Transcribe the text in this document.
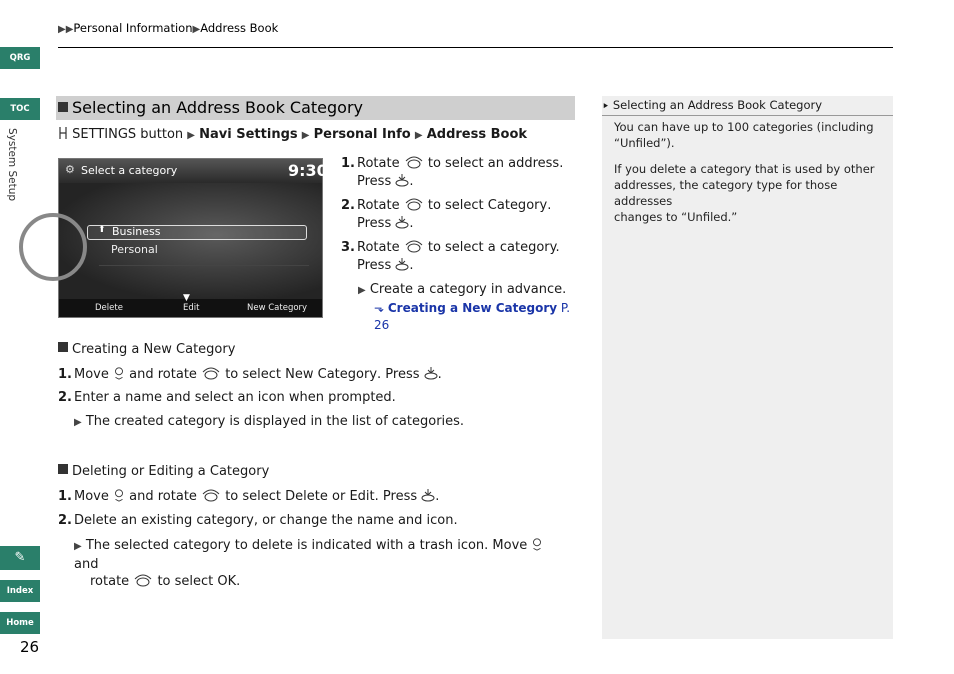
▶▶Personal Information▶Address Book
QRG
TOC
System Setup
✎
Index
Home
26
Selecting an Address Book Category
SETTINGS button ▶ Navi Settings ▶ Personal Info ▶ Address Book
⚙ Select a category	9:30
⬆ Business
Personal
▼
Delete	Edit	New Category
1. Rotate to select an address.
Press .
2. Rotate to select Category.
Press .
3. Rotate to select a category.
Press .
▶ Create a category in advance.
⬎ Creating a New Category P. 26
Creating a New Category
1. Move and rotate to select New Category. Press .
2. Enter a name and select an icon when prompted.
▶ The created category is displayed in the list of categories.
Deleting or Editing a Category
1. Move and rotate to select Delete or Edit. Press .
2. Delete an existing category, or change the name and icon.
▶ The selected category to delete is indicated with a trash icon. Move  and
rotate to select OK.
⯈ Selecting an Address Book Category
You can have up to 100 categories (including
“Unfiled”).
If you delete a category that is used by other
addresses, the category type for those addresses
changes to “Unfiled.”
